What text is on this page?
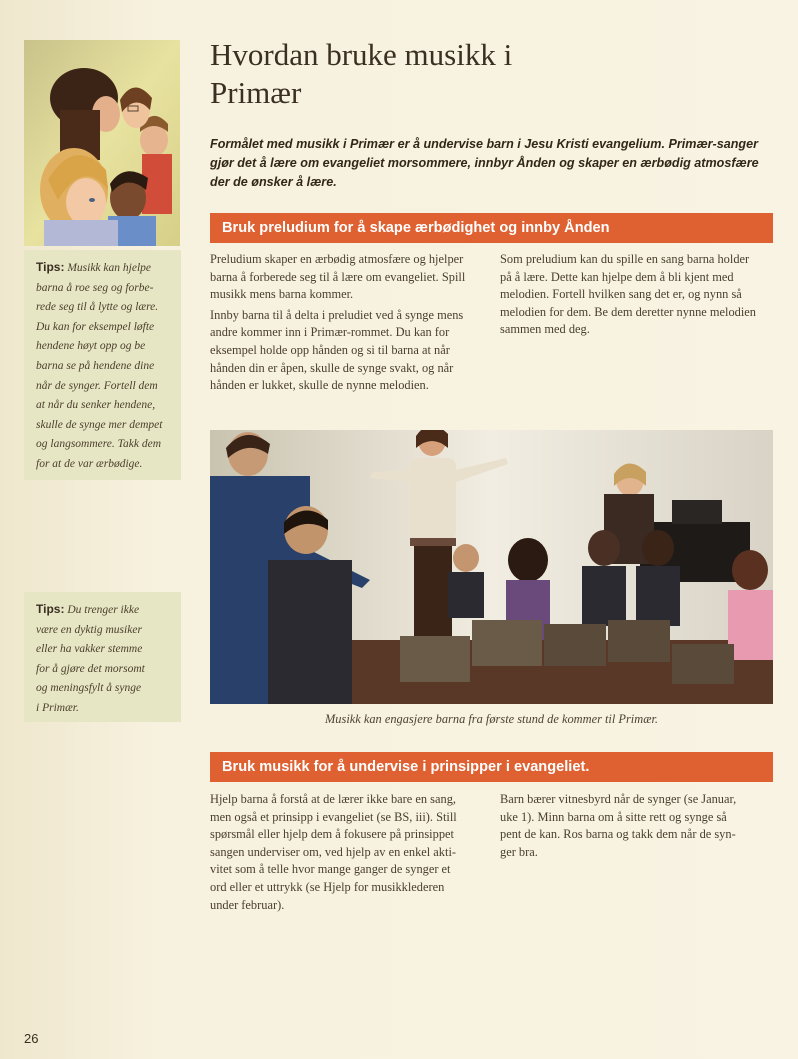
Tips: Musikk kan hjelpe
barna å roe seg og forbe-
rede seg til å lytte og lære.
Du kan for eksempel løfte
hendene høyt opp og be
barna se på hendene dine
når de synger. Fortell dem
at når du senker hendene,
skulle de synge mer dempet
og langsommere. Takk dem
for at de var ærbødige.
Tips: Du trenger ikke
være en dyktig musiker
eller ha vakker stemme
for å gjøre det morsomt
og meningsfylt å synge
i Primær.
Hvordan bruke musikk i Primær
Formålet med musikk i Primær er å undervise barn i Jesu Kristi evangelium. Primær-sanger gjør det å lære om evangeliet morsommere, innbyr Ånden og skaper en ærbødig atmosfære der de ønsker å lære.
Bruk preludium for å skape ærbødighet og innby Ånden

Preludium skaper en ærbødig atmosfære og hjelper
barna å forberede seg til å lære om evangeliet. Spill
musikk mens barna kommer.

Innby barna til å delta i preludiet ved å synge mens
andre kommer inn i Primær-rommet. Du kan for
eksempel holde opp hånden og si til barna at når
hånden din er åpen, skulle de synge svakt, og når
hånden er lukket, skulle de nynne melodien.

Som preludium kan du spille en sang barna holder
på å lære. Dette kan hjelpe dem å bli kjent med
melodien. Fortell hvilken sang det er, og nynn så
melodien for dem. Be dem deretter nynne melodien
sammen med deg.

Musikk kan engasjere barna fra første stund de kommer til Primær.
Bruk musikk for å undervise i prinsipper i evangeliet.

Hjelp barna å forstå at de lærer ikke bare en sang,
men også et prinsipp i evangeliet (se BS, iii). Still
spørsmål eller hjelp dem å fokusere på prinsippet
sangen underviser om, ved hjelp av en enkel akti-
vitet som å telle hvor mange ganger de synger et
ord eller et uttrykk (se Hjelp for musikklederen
under februar).

Barn bærer vitnesbyrd når de synger (se Januar,
uke 1). Minn barna om å sitte rett og synge så
pent de kan. Ros barna og takk dem når de syn-
ger bra.

26
